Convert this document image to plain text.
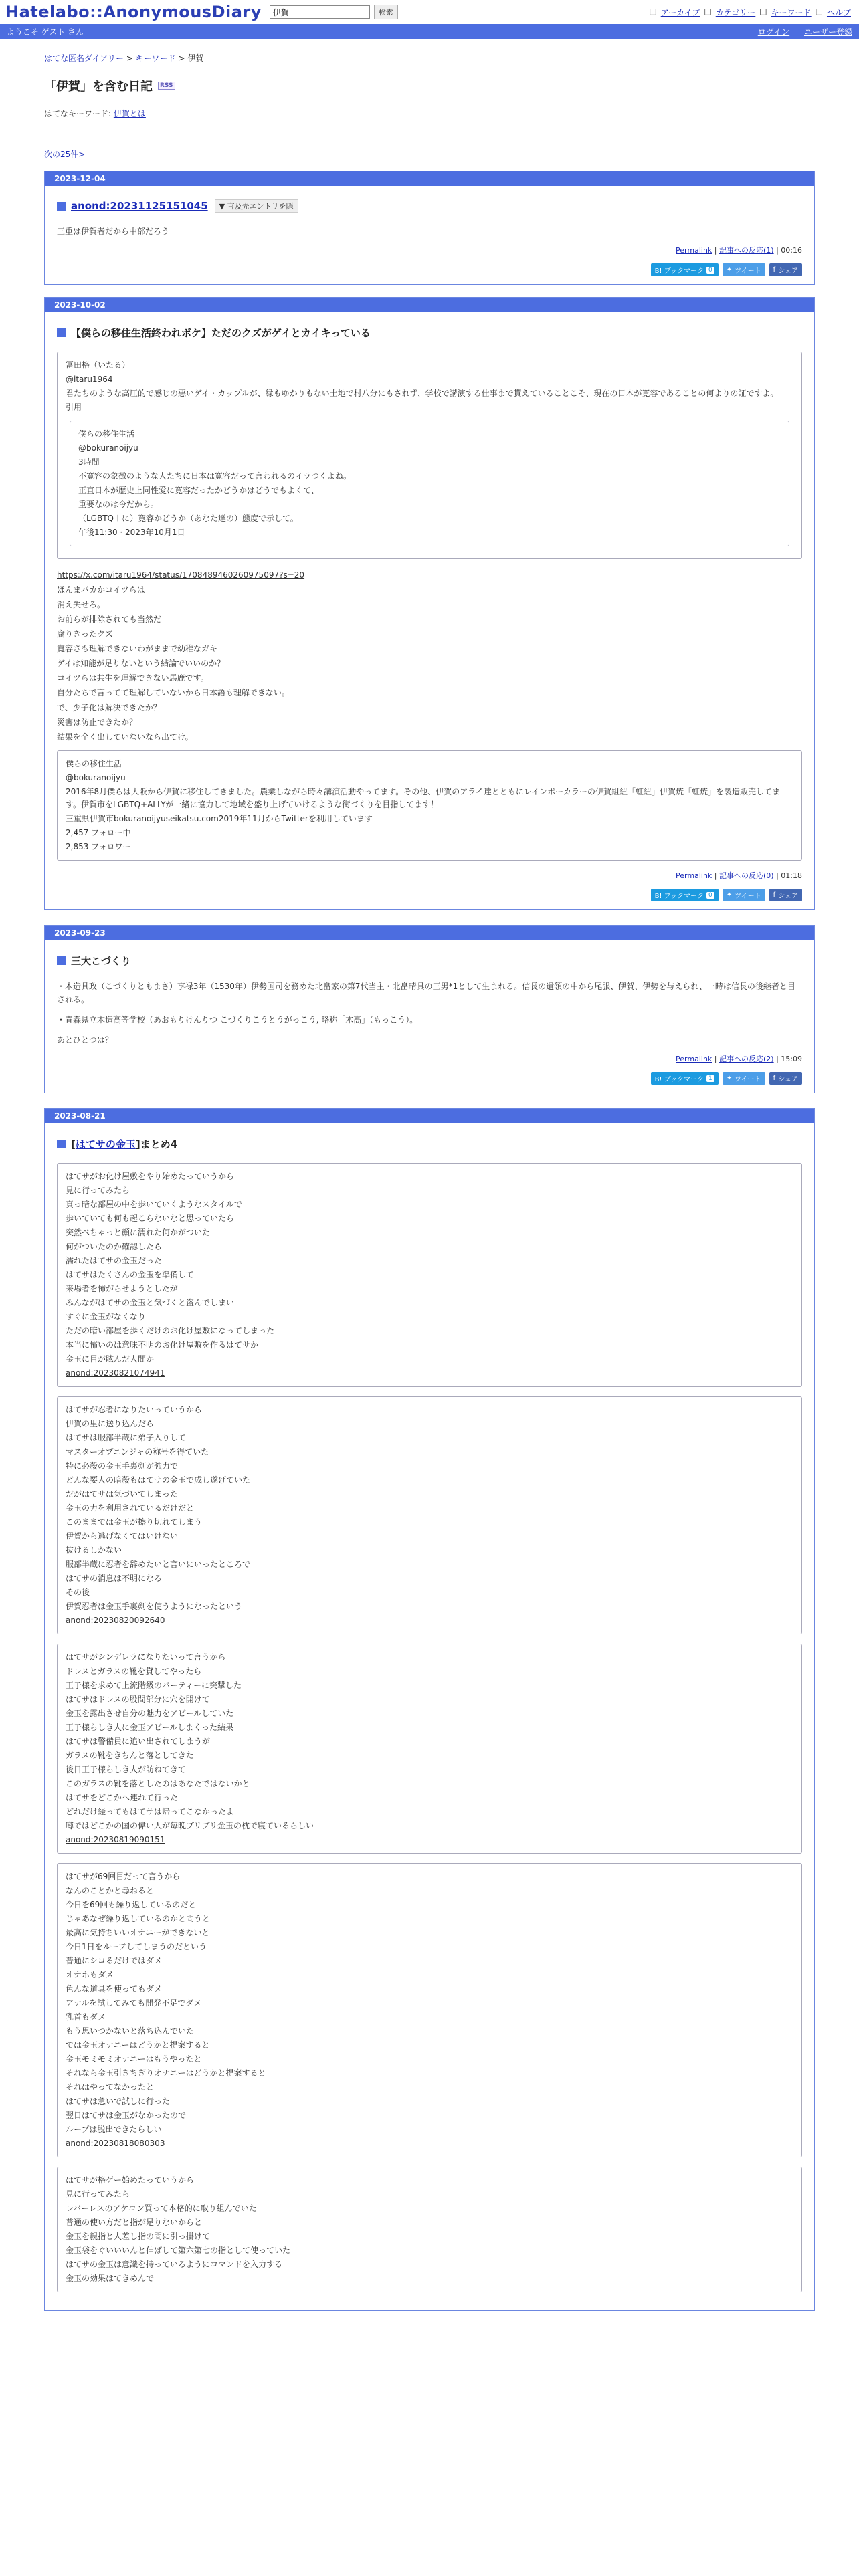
Hatelabo::AnonymousDiary
伊賀	検索	□ アーカイブ □ カテゴリー □ キーワード □ ヘルプ
ようこそ ゲスト さん	ログイン ユーザー登録
はてな匿名ダイアリー > キーワード > 伊賀
「伊賀」を含む日記	RSS
はてなキーワード: 伊賀とは
次の25件>
2023-12-04
anond:20231125151045	▼ 言及先エントリを隠

三重は伊賀者だから中部だろう

Permalink | 記事への反応(1) | 00:16
B! ブックマーク 0	✦ ツイート f シェア
2023-10-02
【僕らの移住生活終われボケ】ただのクズがゲイとカイキっている
冨田格（いたる）
@itaru1964
君たちのような高圧的で感じの悪いゲイ・カップルが、縁もゆかりもない土地で村八分にもされず、学校で講演する仕事まで貰えていることこそ、現在の日本が寛容であることの何よりの証ですよ。
引用
僕らの移住生活
@bokuranoijyu
3時間
不寛容の象徴のような人たちに日本は寛容だって言われるのイラつくよね。
正直日本が歴史上同性愛に寛容だったかどうかはどうでもよくて、
重要なのは今だから。
（LGBTQ＋に）寛容かどうか（あなた達の）態度で示して。
午後11:30 · 2023年10月1日
https://x.com/itaru1964/status/1708489460260975097?s=20
ほんまバカかコイツらは
消え失せろ。
お前らが排除されても当然だ
腐りきったクズ
寛容さも理解できないわがままで幼稚なガキ
ゲイは知能が足りないという結論でいいのか？
コイツらは共生を理解できない馬鹿です。
自分たちで言ってて理解していないから日本語も理解できない。
で、少子化は解決できたか？
災害は防止できたか？
結果を全く出していないなら出てけ。
僕らの移住生活
@bokuranoijyu
2016年8月僕らは大阪から伊賀に移住してきました。農業しながら時々講演活動やってます。その他、伊賀のアライ達とともにレインボーカラーの伊賀組紐「虹紐」伊賀焼「虹焼」を製造販売してます。伊賀市をLGBTQ+ALLYが一緒に協力して地域を盛り上げていけるような街づくりを目指してます！
三重県伊賀市bokuranoijyuseikatsu.com2019年11月からTwitterを利用しています
2,457 フォロー中
2,853 フォロワー
Permalink | 記事への反応(0) | 01:18
B! ブックマーク 0	✦ ツイート f シェア
2023-09-23
三大こづくり

・木造具政（こづくりともまさ）享禄3年（1530年）伊勢国司を務めた北畠家の第7代当主・北畠晴具の三男*1として生まれる。信長の遺領の中から尾張、伊賀、伊勢を与えられ、一時は信長の後継者と目される。

・青森県立木造高等学校（あおもりけんりつ こづくりこうとうがっこう, 略称「木高」（もっこう）。

あとひとつは？

Permalink | 記事への反応(2) | 15:09
B! ブックマーク 1	✦ ツイート f シェア
2023-08-21
[ はてサの金玉 ] まとめ4
はてサがお化け屋敷をやり始めたっていうから
見に行ってみたら
真っ暗な部屋の中を歩いていくようなスタイルで
歩いていても何も起こらないなと思っていたら
突然べちゃっと顔に濡れた何かがついた
何がついたのか確認したら
濡れたはてサの金玉だった
はてサはたくさんの金玉を準備して
来場者を怖がらせようとしたが
みんながはてサの金玉と気づくと盗んでしまい
すぐに金玉がなくなり
ただの暗い部屋を歩くだけのお化け屋敷になってしまった
本当に怖いのは意味不明のお化け屋敷を作るはてサか
金玉に目が眩んだ人間か
anond:20230821074941
はてサが忍者になりたいっていうから
伊賀の里に送り込んだら
はてサは服部半蔵に弟子入りして
マスターオブニンジャの称号を得ていた
特に必殺の金玉手裏剣が強力で
どんな要人の暗殺もはてサの金玉で成し遂げていた
だがはてサは気づいてしまった
金玉の力を利用されているだけだと
このままでは金玉が擦り切れてしまう
伊賀から逃げなくてはいけない
抜けるしかない
服部半蔵に忍者を辞めたいと言いにいったところで
はてサの消息は不明になる
その後
伊賀忍者は金玉手裏剣を使うようになったという
anond:20230820092640
はてサがシンデレラになりたいって言うから
ドレスとガラスの靴を貸してやったら
王子様を求めて上流階級のパーティーに突撃した
はてサはドレスの股間部分に穴を開けて
金玉を露出させ自分の魅力をアピールしていた
王子様らしき人に金玉アピールしまくった結果
はてサは警備員に追い出されてしまうが
ガラスの靴をきちんと落としてきた
後日王子様らしき人が訪ねてきて
このガラスの靴を落としたのはあなたではないかと
はてサをどこかへ連れて行った
どれだけ経ってもはてサは帰ってこなかったよ
噂ではどこかの国の偉い人が毎晩ブリブリ金玉の枕で寝ているらしい
anond:20230819090151
はてサが69回目だって言うから
なんのことかと尋ねると
今日を69回も繰り返しているのだと
じゃあなぜ繰り返しているのかと問うと
最高に気持ちいいオナニーができないと
今日1日をループしてしまうのだという
普通にシコるだけではダメ
オナホもダメ
色んな道具を使ってもダメ
アナルを試してみても開発不足でダメ
乳首もダメ
もう思いつかないと落ち込んでいた
では金玉オナニーはどうかと提案すると
金玉モミモミオナニーはもうやったと
それなら金玉引きちぎりオナニーはどうかと提案すると
それはやってなかったと
はてサは急いで試しに行った
翌日はてサは金玉がなかったので
ループは脱出できたらしい
anond:20230818080303
はてサが格ゲー始めたっていうから
見に行ってみたら
レバーレスのアケコン買って本格的に取り組んでいた
普通の使い方だと指が足りないからと
金玉を親指と人差し指の間に引っ掛けて
金玉袋をぐいいいんと伸ばして第六第七の指として使っていた
はてサの金玉は意識を持っているようにコマンドを入力する
金玉の効果はてきめんで
